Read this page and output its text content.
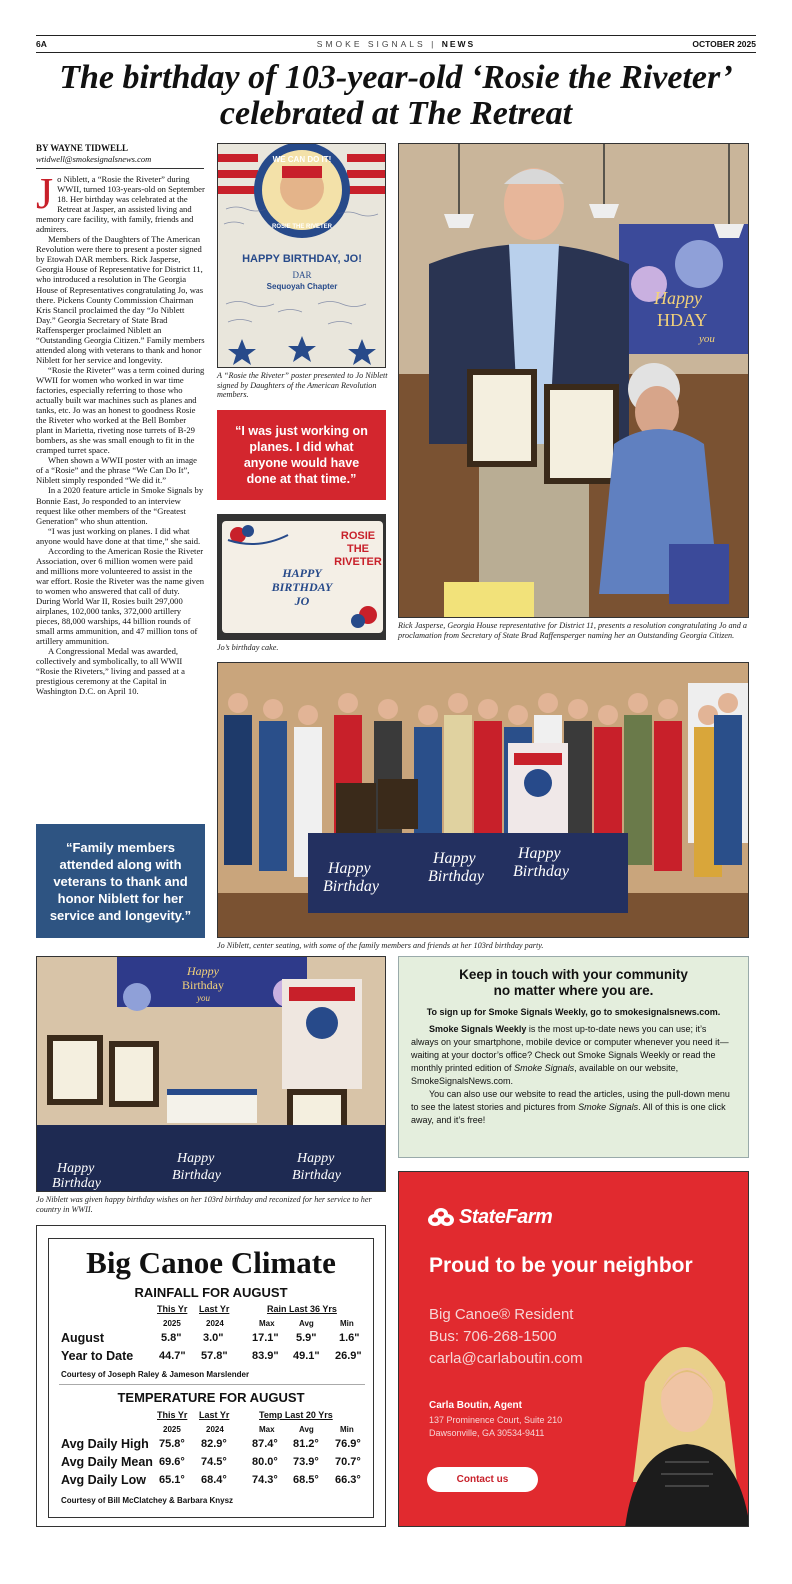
6A	SMOKE SIGNALS | NEWS	OCTOBER 2025
The birthday of 103-year-old ‘Rosie the Riveter’ celebrated at The Retreat
BY WAYNE TIDWELL
wtidwell@smokesignalsnews.com

Jo Niblett, a “Rosie the Riveter” during WWII, turned 103-years-old on September 18. Her birthday was celebrated at the Retreat at Jasper, an assisted living and memory care facility, with family, friends and admirers.

Members of the Daughters of The American Revolution were there to present a poster signed by Etowah DAR members. Rick Jasperse, Georgia House of Representative for District 11, who introduced a resolution in The Georgia House of Representatives congratulating Jo, was there. Pickens County Commission Chairman Kris Stancil proclaimed the day “Jo Niblett Day.” Georgia Secretary of State Brad Raffensperger proclaimed Niblett an “Outstanding Georgia Citizen.” Family members attended along with veterans to thank and honor Niblett for her service and longevity.

“Rosie the Riveter” was a term coined during WWII for women who worked in war time factories, especially referring to those who actually built war machines such as planes and tanks, etc. Jo was an honest to goodness Rosie the Riveter who worked at the Bell Bomber plant in Marietta, riveting nose turrets of B-29 bombers, as she was small enough to fit in the cramped turret space.

When shown a WWII poster with an image of a “Rosie” and the phrase “We Can Do It”, Niblett simply responded “We did it.”

In a 2020 feature article in Smoke Signals by Bonnie East, Jo responded to an interview request like other members of the “Greatest Generation” who shun attention.

“I was just working on planes. I did what anyone would have done at that time,” she said.

According to the American Rosie the Riveter Association, over 6 million women were paid and millions more volunteered to assist in the war effort. Rosie the Riveter was the name given to women who answered that call of duty. During World War II, Rosies built 297,000 airplanes, 102,000 tanks, 372,000 artillery pieces, 88,000 warships, 44 billion rounds of small arms ammunition, and 47 million tons of artillery ammunition.

A Congressional Medal was awarded, collectively and symbolically, to all WWII “Rosie the Riveters,” living and passed at a prestigious ceremony at the Capital in Washington D.C. on April 10.

“I was just working on planes. I did what anyone would have done at that time.”
“Family members attended along with veterans to thank and honor Niblett for her service and longevity.”
WE CAN DO IT!
ROSIE THE RIVETER
HAPPY BIRTHDAY, JO!
DAR
Sequoyah Chapter
A “Rosie the Riveter” poster presented to Jo Niblett signed by Daughters of the American Revolution members.
ROSIE
THE
RIVETER
HAPPY
BIRTHDAY
JO
Jo’s birthday cake.
Happy
HDAY
you
Rick Jasperse, Georgia House representative for District 11, presents a resolution congratulating Jo and a proclamation from Secretary of State Brad Raffensperger naming her an Outstanding Georgia Citizen.
Happy
Birthday
Happy
Birthday
Happy
Birthday
Jo Niblett, center seating, with some of the family members and friends at her 103rd birthday party.
Happy
Birthday
you
Happy
Birthday
Happy
Birthday
Happy
Birthday
Jo Niblett was given happy birthday wishes on her 103rd birthday and reconized for her service to her country in WWII.
Keep in touch with your community
no matter where you are.
To sign up for Smoke Signals Weekly, go to smokesignalsnews.com.

Smoke Signals Weekly is the most up-to-date news you can use; it’s always on your smartphone, mobile device or computer whenever you need it—waiting at your doctor’s office? Check out Smoke Signals Weekly or read the monthly printed edition of Smoke Signals, available on our website, SmokeSignalsNews.com.

You can also use our website to read the articles, using the pull-down menu to see the latest stories and pictures from Smoke Signals. All of this is one click away, and it’s free!

Big Canoe Climate
RAINFALL FOR AUGUST
This Yr Last Yr	Rain Last 36 Yrs
2025	2024	Max	Avg	Min
August	5.8" 3.0"	17.1" 5.9" 1.6"
Year to Date 44.7" 57.8" 83.9" 49.1" 26.9"
Courtesy of Joseph Raley & Jameson Marslender
TEMPERATURE FOR AUGUST
This Yr Last Yr	Temp Last 20 Yrs
2025	2024	Max	Avg	Min
Avg Daily High 75.8° 82.9° 87.4° 81.2° 76.9°
Avg Daily Mean 69.6° 74.5° 80.0° 73.9° 70.7°
Avg Daily Low 65.1° 68.4° 74.3° 68.5° 66.3°
Courtesy of Bill McClatchey & Barbara Knysz
StateFarm
Proud to be your neighbor
Big Canoe® Resident
Bus: 706-268-1500
carla@carlaboutin.com
Carla Boutin, Agent
137 Prominence Court, Suite 210
Dawsonville, GA 30534-9411
Contact us
